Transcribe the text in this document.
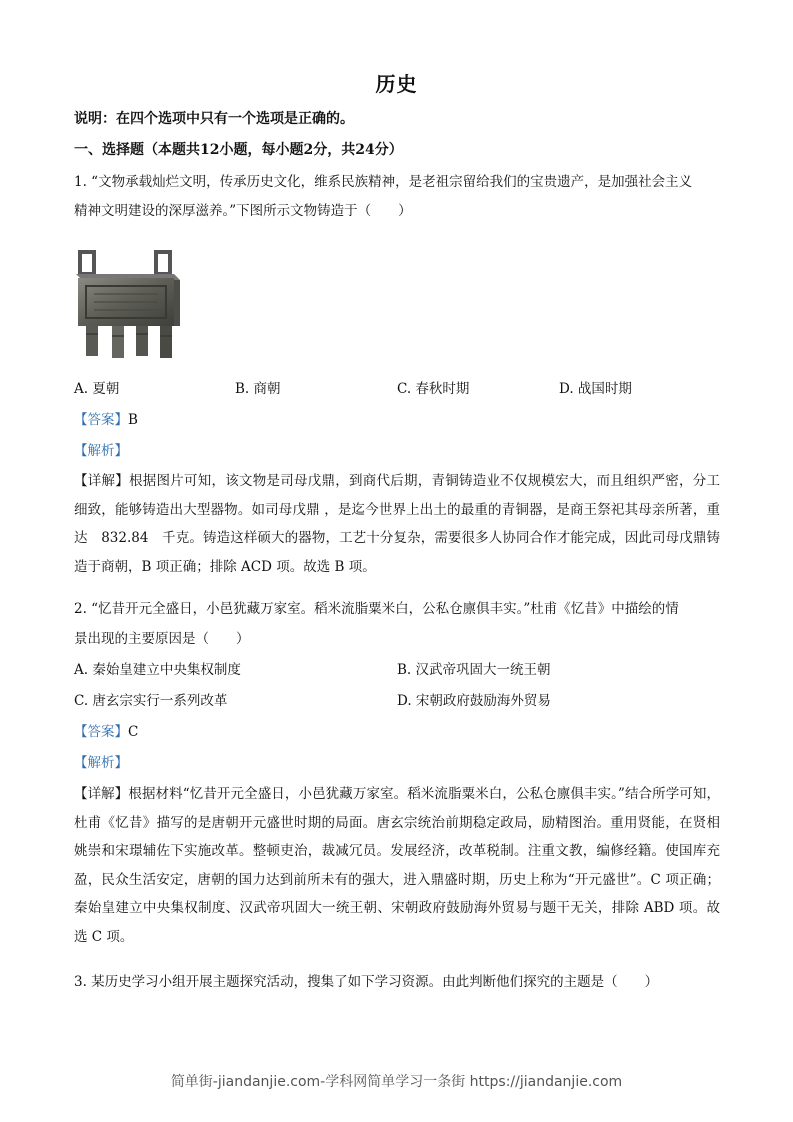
历史
说明：在四个选项中只有一个选项是正确的。
一、选择题（本题共12小题，每小题2分，共24分）
1. “文物承载灿烂文明，传承历史文化，维系民族精神，是老祖宗留给我们的宝贵遗产，是加强社会主义
精神文明建设的深厚滋养。”下图所示文物铸造于（　　）
A. 夏朝	B. 商朝	C. 春秋时期	D. 战国时期
【答案】B
【解析】
【详解】根据图片可知，该文物是司母戊鼎，到商代后期，青铜铸造业不仅规模宏大，而且组织严密，分工细致，能够铸造出大型器物。如司母戊鼎 ，是迄今世界上出土的最重的青铜器，是商王祭祀其母亲所著，重达　832.84　千克。铸造这样硕大的器物，工艺十分复杂，需要很多人协同合作才能完成，因此司母戊鼎铸造于商朝，B 项正确；排除 ACD 项。故选 B 项。
2. “忆昔开元全盛日，小邑犹藏万家室。稻米流脂粟米白，公私仓廪俱丰实。”杜甫《忆昔》中描绘的情
景出现的主要原因是（　　）
A. 秦始皇建立中央集权制度	B. 汉武帝巩固大一统王朝
C. 唐玄宗实行一系列改革	D. 宋朝政府鼓励海外贸易
【答案】C
【解析】
【详解】根据材料“忆昔开元全盛日，小邑犹藏万家室。稻米流脂粟米白，公私仓廪俱丰实。”结合所学可知，杜甫《忆昔》描写的是唐朝开元盛世时期的局面。唐玄宗统治前期稳定政局，励精图治。重用贤能，在贤相姚崇和宋璟辅佐下实施改革。整顿吏治，裁减冗员。发展经济，改革税制。注重文教，编修经籍。使国库充盈，民众生活安定，唐朝的国力达到前所未有的强大，进入鼎盛时期，历史上称为“开元盛世”。C 项正确；秦始皇建立中央集权制度、汉武帝巩固大一统王朝、宋朝政府鼓励海外贸易与题干无关，排除 ABD 项。故选 C 项。
3. 某历史学习小组开展主题探究活动，搜集了如下学习资源。由此判断他们探究的主题是（　　）
简单街-jiandanjie.com-学科网简单学习一条街 https://jiandanjie.com
